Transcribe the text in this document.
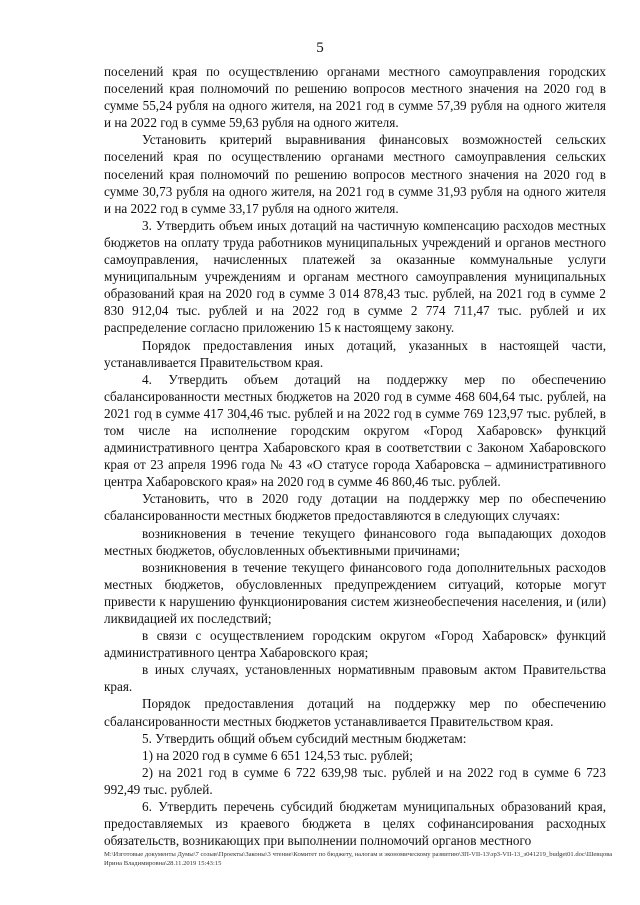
5

поселений края по осуществлению органами местного самоуправления городских поселений края полномочий по решению вопросов местного значения на 2020 год в сумме 55,24 рубля на одного жителя, на 2021 год в сумме 57,39 рубля на одного жителя и на 2022 год в сумме 59,63 рубля на одного жителя.

Установить критерий выравнивания финансовых возможностей сельских поселений края по осуществлению органами местного самоуправления сельских поселений края полномочий по решению вопросов местного значения на 2020 год в сумме 30,73 рубля на одного жителя, на 2021 год в сумме 31,93 рубля на одного жителя и на 2022 год в сумме 33,17 рубля на одного жителя.

3. Утвердить объем иных дотаций на частичную компенсацию расходов местных бюджетов на оплату труда работников муниципальных учреждений и органов местного самоуправления, начисленных платежей за оказанные коммунальные услуги муниципальным учреждениям и органам местного самоуправления муниципальных образований края на 2020 год в сумме 3 014 878,43 тыс. рублей, на 2021 год в сумме 2 830 912,04 тыс. рублей и на 2022 год в сумме 2 774 711,47 тыс. рублей и их распределение согласно приложению 15 к настоящему закону.

Порядок предоставления иных дотаций, указанных в настоящей части, устанавливается Правительством края.

4. Утвердить объем дотаций на поддержку мер по обеспечению сбалансированности местных бюджетов на 2020 год в сумме 468 604,64 тыс. рублей, на 2021 год в сумме 417 304,46 тыс. рублей и на 2022 год в сумме 769 123,97 тыс. рублей, в том числе на исполнение городским округом «Город Хабаровск» функций административного центра Хабаровского края в соответствии с Законом Хабаровского края от 23 апреля 1996 года № 43 «О статусе города Хабаровска – административного центра Хабаровского края» на 2020 год в сумме 46 860,46 тыс. рублей.

Установить, что в 2020 году дотации на поддержку мер по обеспечению сбалансированности местных бюджетов предоставляются в следующих случаях:

возникновения в течение текущего финансового года выпадающих доходов местных бюджетов, обусловленных объективными причинами;

возникновения в течение текущего финансового года дополнительных расходов местных бюджетов, обусловленных предупреждением ситуаций, которые могут привести к нарушению функционирования систем жизнеобеспечения населения, и (или) ликвидацией их последствий;

в связи с осуществлением городским округом «Город Хабаровск» функций административного центра Хабаровского края;

в иных случаях, установленных нормативным правовым актом Правительства края.

Порядок предоставления дотаций на поддержку мер по обеспечению сбалансированности местных бюджетов устанавливается Правительством края.

5. Утвердить общий объем субсидий местным бюджетам:

1) на 2020 год в сумме 6 651 124,53 тыс. рублей;

2) на 2021 год в сумме 6 722 639,98 тыс. рублей и на 2022 год в сумме 6 723 992,49 тыс. рублей.

6. Утвердить перечень субсидий бюджетам муниципальных образований края, предоставляемых из краевого бюджета в целях софинансирования расходных обязательств, возникающих при выполнении полномочий органов местного

М:\Изготовые документы Думы\7 созыв\Проекты\Законы\3 чтение\Комитет по бюджету, налогам и экономическому развитию\ЗП-VII-13\зрЗ-VII-13_з041219_budget01.doc\Шевцова Ирина Владимировна\28.11.2019 15:43:15
